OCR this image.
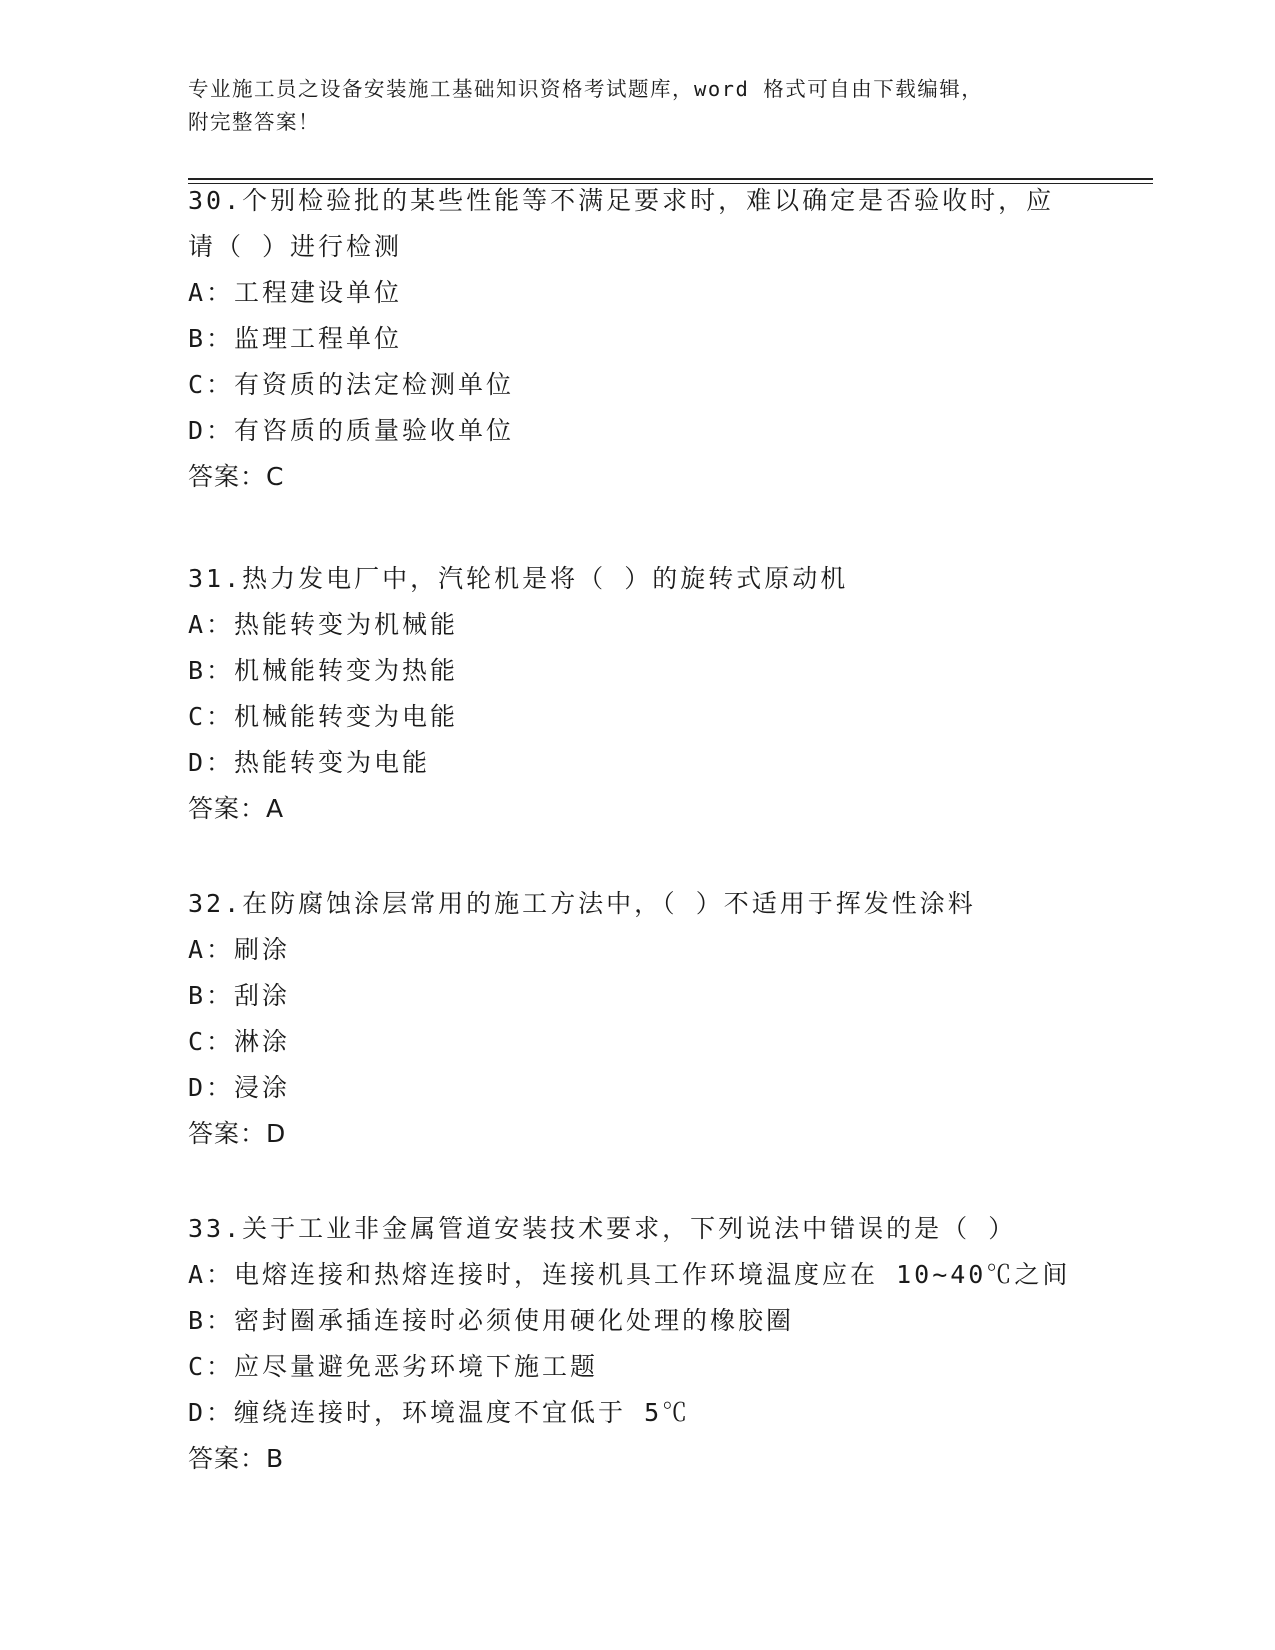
专业施工员之设备安装施工基础知识资格考试题库，word 格式可自由下载编辑，
附完整答案！
30.个别检验批的某些性能等不满足要求时，难以确定是否验收时，应
请（ ）进行检测
A：工程建设单位
B：监理工程单位
C：有资质的法定检测单位
D：有咨质的质量验收单位
答案：C
31.热力发电厂中，汽轮机是将（ ）的旋转式原动机
A：热能转变为机械能
B：机械能转变为热能
C：机械能转变为电能
D：热能转变为电能
答案：A
32.在防腐蚀涂层常用的施工方法中，（ ）不适用于挥发性涂料
A：刷涂
B：刮涂
C：淋涂
D：浸涂
答案：D
33.关于工业非金属管道安装技术要求，下列说法中错误的是（ ）
A：电熔连接和热熔连接时，连接机具工作环境温度应在 10~40℃之间
B：密封圈承插连接时必须使用硬化处理的橡胶圈
C：应尽量避免恶劣环境下施工题
D：缠绕连接时，环境温度不宜低于 5℃
答案：B
